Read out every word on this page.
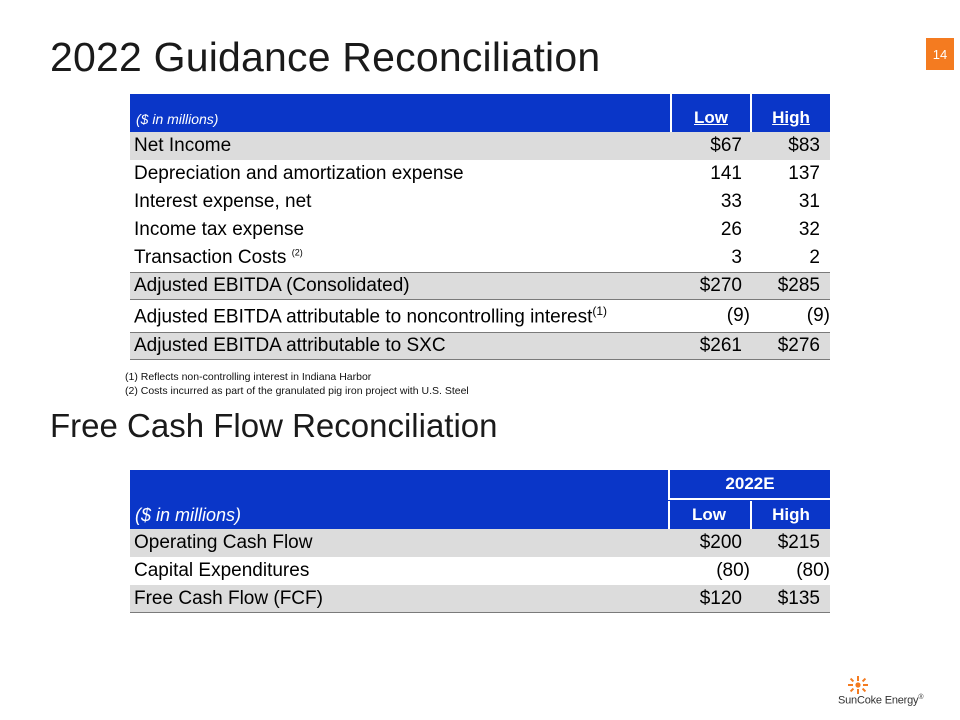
2022 Guidance Reconciliation	14
($ in millions)	Low	High
Net Income	$67	$83
Depreciation and amortization expense	141	137
Interest expense, net	33	31
Income tax expense	26	32
Transaction Costs $^{(2)}$	3	2
Adjusted EBITDA (Consolidated)	$270	$285
Adjusted EBITDA attributable to noncontrolling interest$^{(1)}$	(9)	(9)
Adjusted EBITDA attributable to SXC	$261	$276
(1) Reflects non-controlling interest in Indiana Harbor
(2) Costs incurred as part of the granulated pig iron project with U.S. Steel
Free Cash Flow Reconciliation
2022E
($ in millions)	Low	High
Operating Cash Flow	$200	$215
Capital Expenditures	(80)	(80)
Free Cash Flow (FCF)	$120	$135
SunCoke Energy®
